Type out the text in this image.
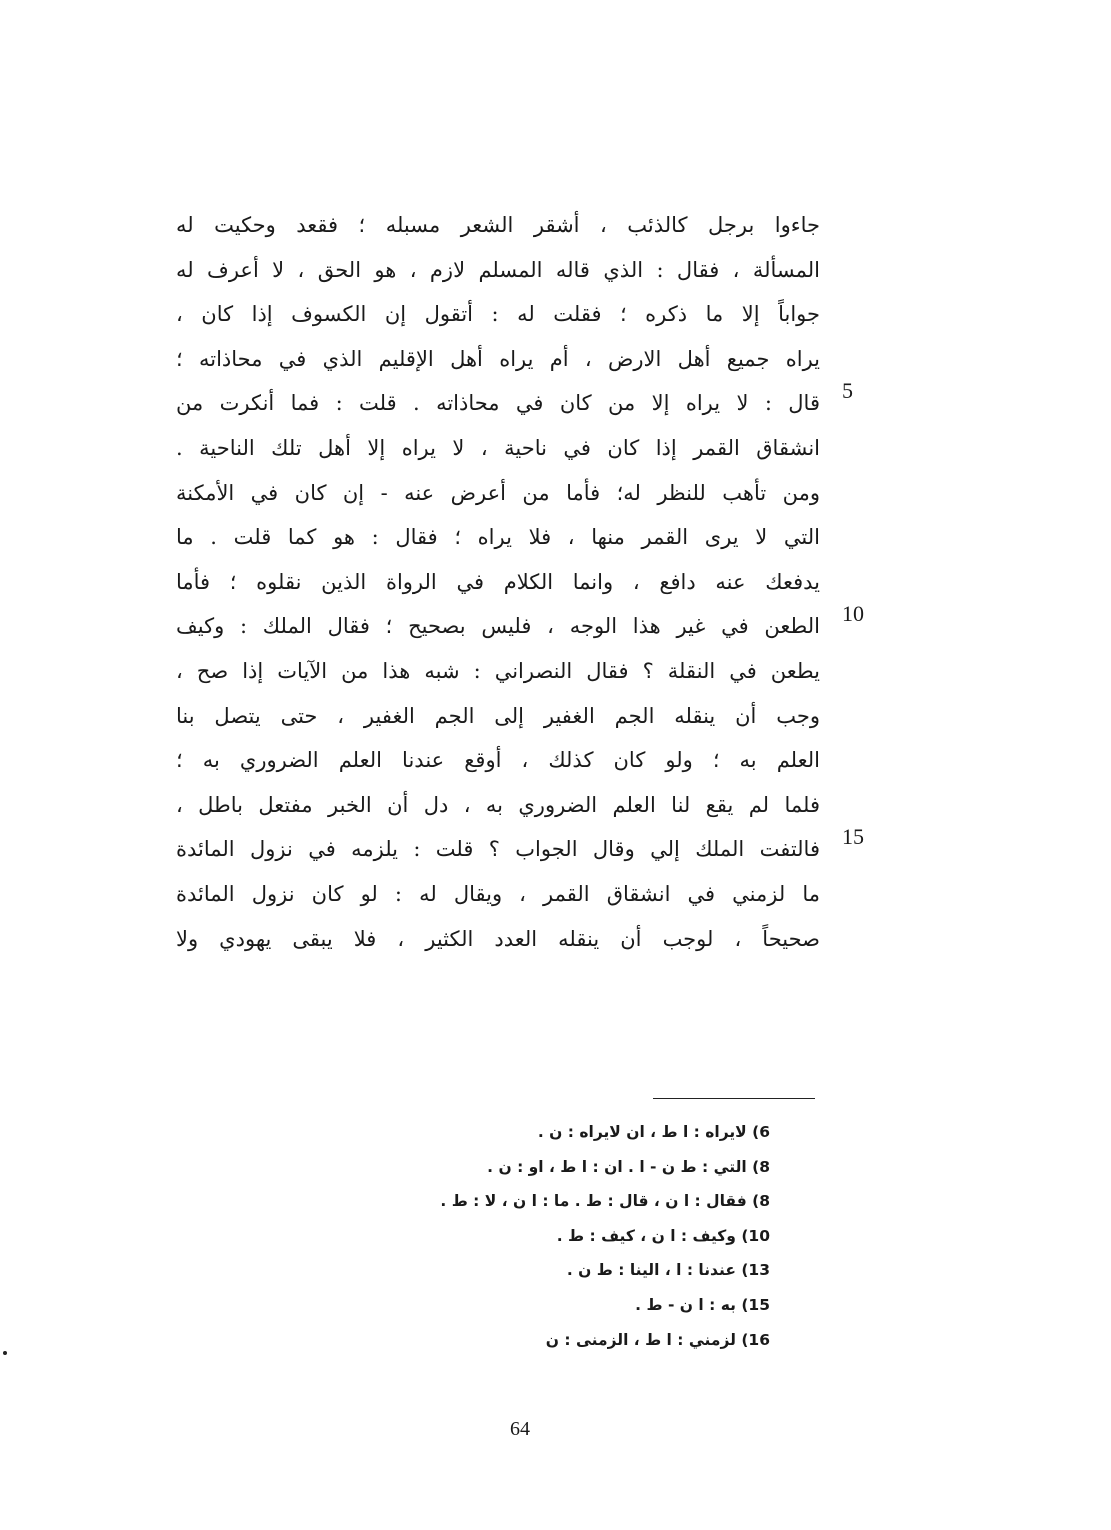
جاءوا برجل كالذئب ، أشقر الشعر مسبله ؛ فقعد وحكيت له
المسألة ، فقال : الذي قاله المسلم لازم ، هو الحق ، لا أعرف له
جواباً إلا ما ذكره ؛ فقلت له : أتقول إن الكسوف إذا كان ،
يراه جميع أهل الارض ، أم يراه أهل الإقليم الذي في محاذاته ؛
قال : لا يراه إلا من كان في محاذاته . قلت : فما أنكرت من
انشقاق القمر إذا كان في ناحية ، لا يراه إلا أهل تلك الناحية .
ومن تأهب للنظر له؛ فأما من أعرض عنه - إن كان في الأمكنة
التي لا يرى القمر منها ، فلا يراه ؛ فقال : هو كما قلت . ما
يدفعك عنه دافع ، وانما الكلام في الرواة الذين نقلوه ؛ فأما
الطعن في غير هذا الوجه ، فليس بصحيح ؛ فقال الملك : وكيف
يطعن في النقلة ؟ فقال النصراني : شبه هذا من الآيات إذا صح ،
وجب أن ينقله الجم الغفير إلى الجم الغفير ، حتى يتصل بنا
العلم به ؛ ولو كان كذلك ، أوقع عندنا العلم الضروري به ؛
فلما لم يقع لنا العلم الضروري به ، دل أن الخبر مفتعل باطل ،
فالتفت الملك إلي وقال الجواب ؟ قلت : يلزمه في نزول المائدة
ما لزمني في انشقاق القمر ، ويقال له : لو كان نزول المائدة
صحيحاً ، لوجب أن ينقله العدد الكثير ، فلا يبقى يهودي ولا
5
10
15
6) لايراه : ا ط ، ان لايراه : ن .
8) التي : ط ن - ا . ان : ا ط ، او : ن .
8) فقال : ا ن ، قال : ط . ما : ا ن ، لا : ط .
10) وكيف : ا ن ، كيف : ط .
13) عندنا : ا ، الينا : ط ن .
15) به : ا ن - ط .
16) لزمني : ا ط ، الزمنى : ن
64
